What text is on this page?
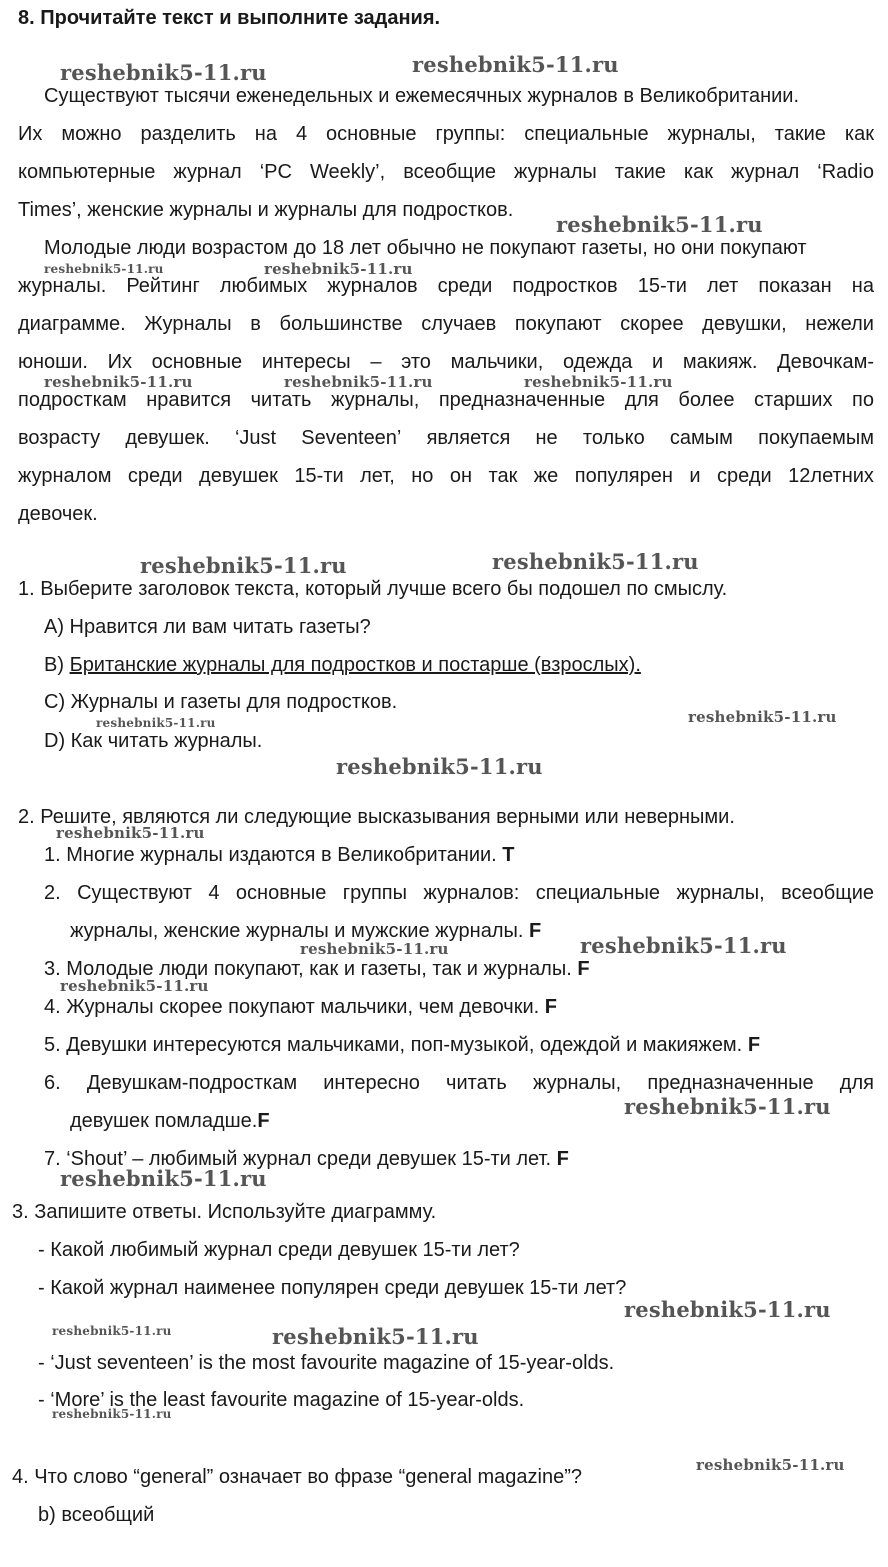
8. Прочитайте текст и выполните задания.
Существуют тысячи еженедельных и ежемесячных журналов в Великобритании.
Их можно разделить на 4 основные группы: специальные журналы, такие как
компьютерные журнал ‘PC Weekly’, всеобщие журналы такие как журнал ‘Radio
Times’, женские журналы и журналы для подростков.
Молодые люди возрастом до 18 лет обычно не покупают газеты, но они покупают
журналы. Рейтинг любимых журналов среди подростков 15-ти лет показан на
диаграмме. Журналы в большинстве случаев покупают скорее девушки, нежели
юноши. Их основные интересы – это мальчики, одежда и макияж. Девочкам-
подросткам нравится читать журналы, предназначенные для более старших по
возрасту девушек. ‘Just Seventeen’ является не только самым покупаемым
журналом среди девушек 15-ти лет, но он так же популярен и среди 12летних
девочек.
1. Выберите заголовок текста, который лучше всего бы подошел по смыслу.
A) Нравится ли вам читать газеты?
B) Британские журналы для подростков и постарше (взрослых).
C) Журналы и газеты для подростков.
D) Как читать журналы.
2. Решите, являются ли следующие высказывания верными или неверными.
1. Многие журналы издаются в Великобритании. T
2. Существуют 4 основные группы журналов: специальные журналы, всеобщие
журналы, женские журналы и мужские журналы. F
3. Молодые люди покупают, как и газеты, так и журналы. F
4. Журналы скорее покупают мальчики, чем девочки. F
5. Девушки интересуются мальчиками, поп-музыкой, одеждой и макияжем. F
6. Девушкам-подросткам интересно читать журналы, предназначенные для
девушек помладше.F
7. ‘Shout’ – любимый журнал среди девушек 15-ти лет. F
3. Запишите ответы. Используйте диаграмму.
- Какой любимый журнал среди девушек 15-ти лет?
- Какой журнал наименее популярен среди девушек 15-ти лет?
- ‘Just seventeen’ is the most favourite magazine of 15-year-olds.
- ‘More’ is the least favourite magazine of 15-year-olds.
4. Что слово “general” означает во фразе “general magazine”?
b) всеобщий
reshebnik5-11.ru	reshebnik5-11.ru
reshebnik5-11.ru
reshebnik5-11.ru	reshebnik5-11.ru
reshebnik5-11.ru	reshebnik5-11.ru	reshebnik5-11.ru
reshebnik5-11.ru	reshebnik5-11.ru
reshebnik5-11.ru	reshebnik5-11.ru
reshebnik5-11.ru
reshebnik5-11.ru
reshebnik5-11.ru	reshebnik5-11.ru
reshebnik5-11.ru
reshebnik5-11.ru
reshebnik5-11.ru
reshebnik5-11.ru
reshebnik5-11.ru	reshebnik5-11.ru
reshebnik5-11.ru
reshebnik5-11.ru
